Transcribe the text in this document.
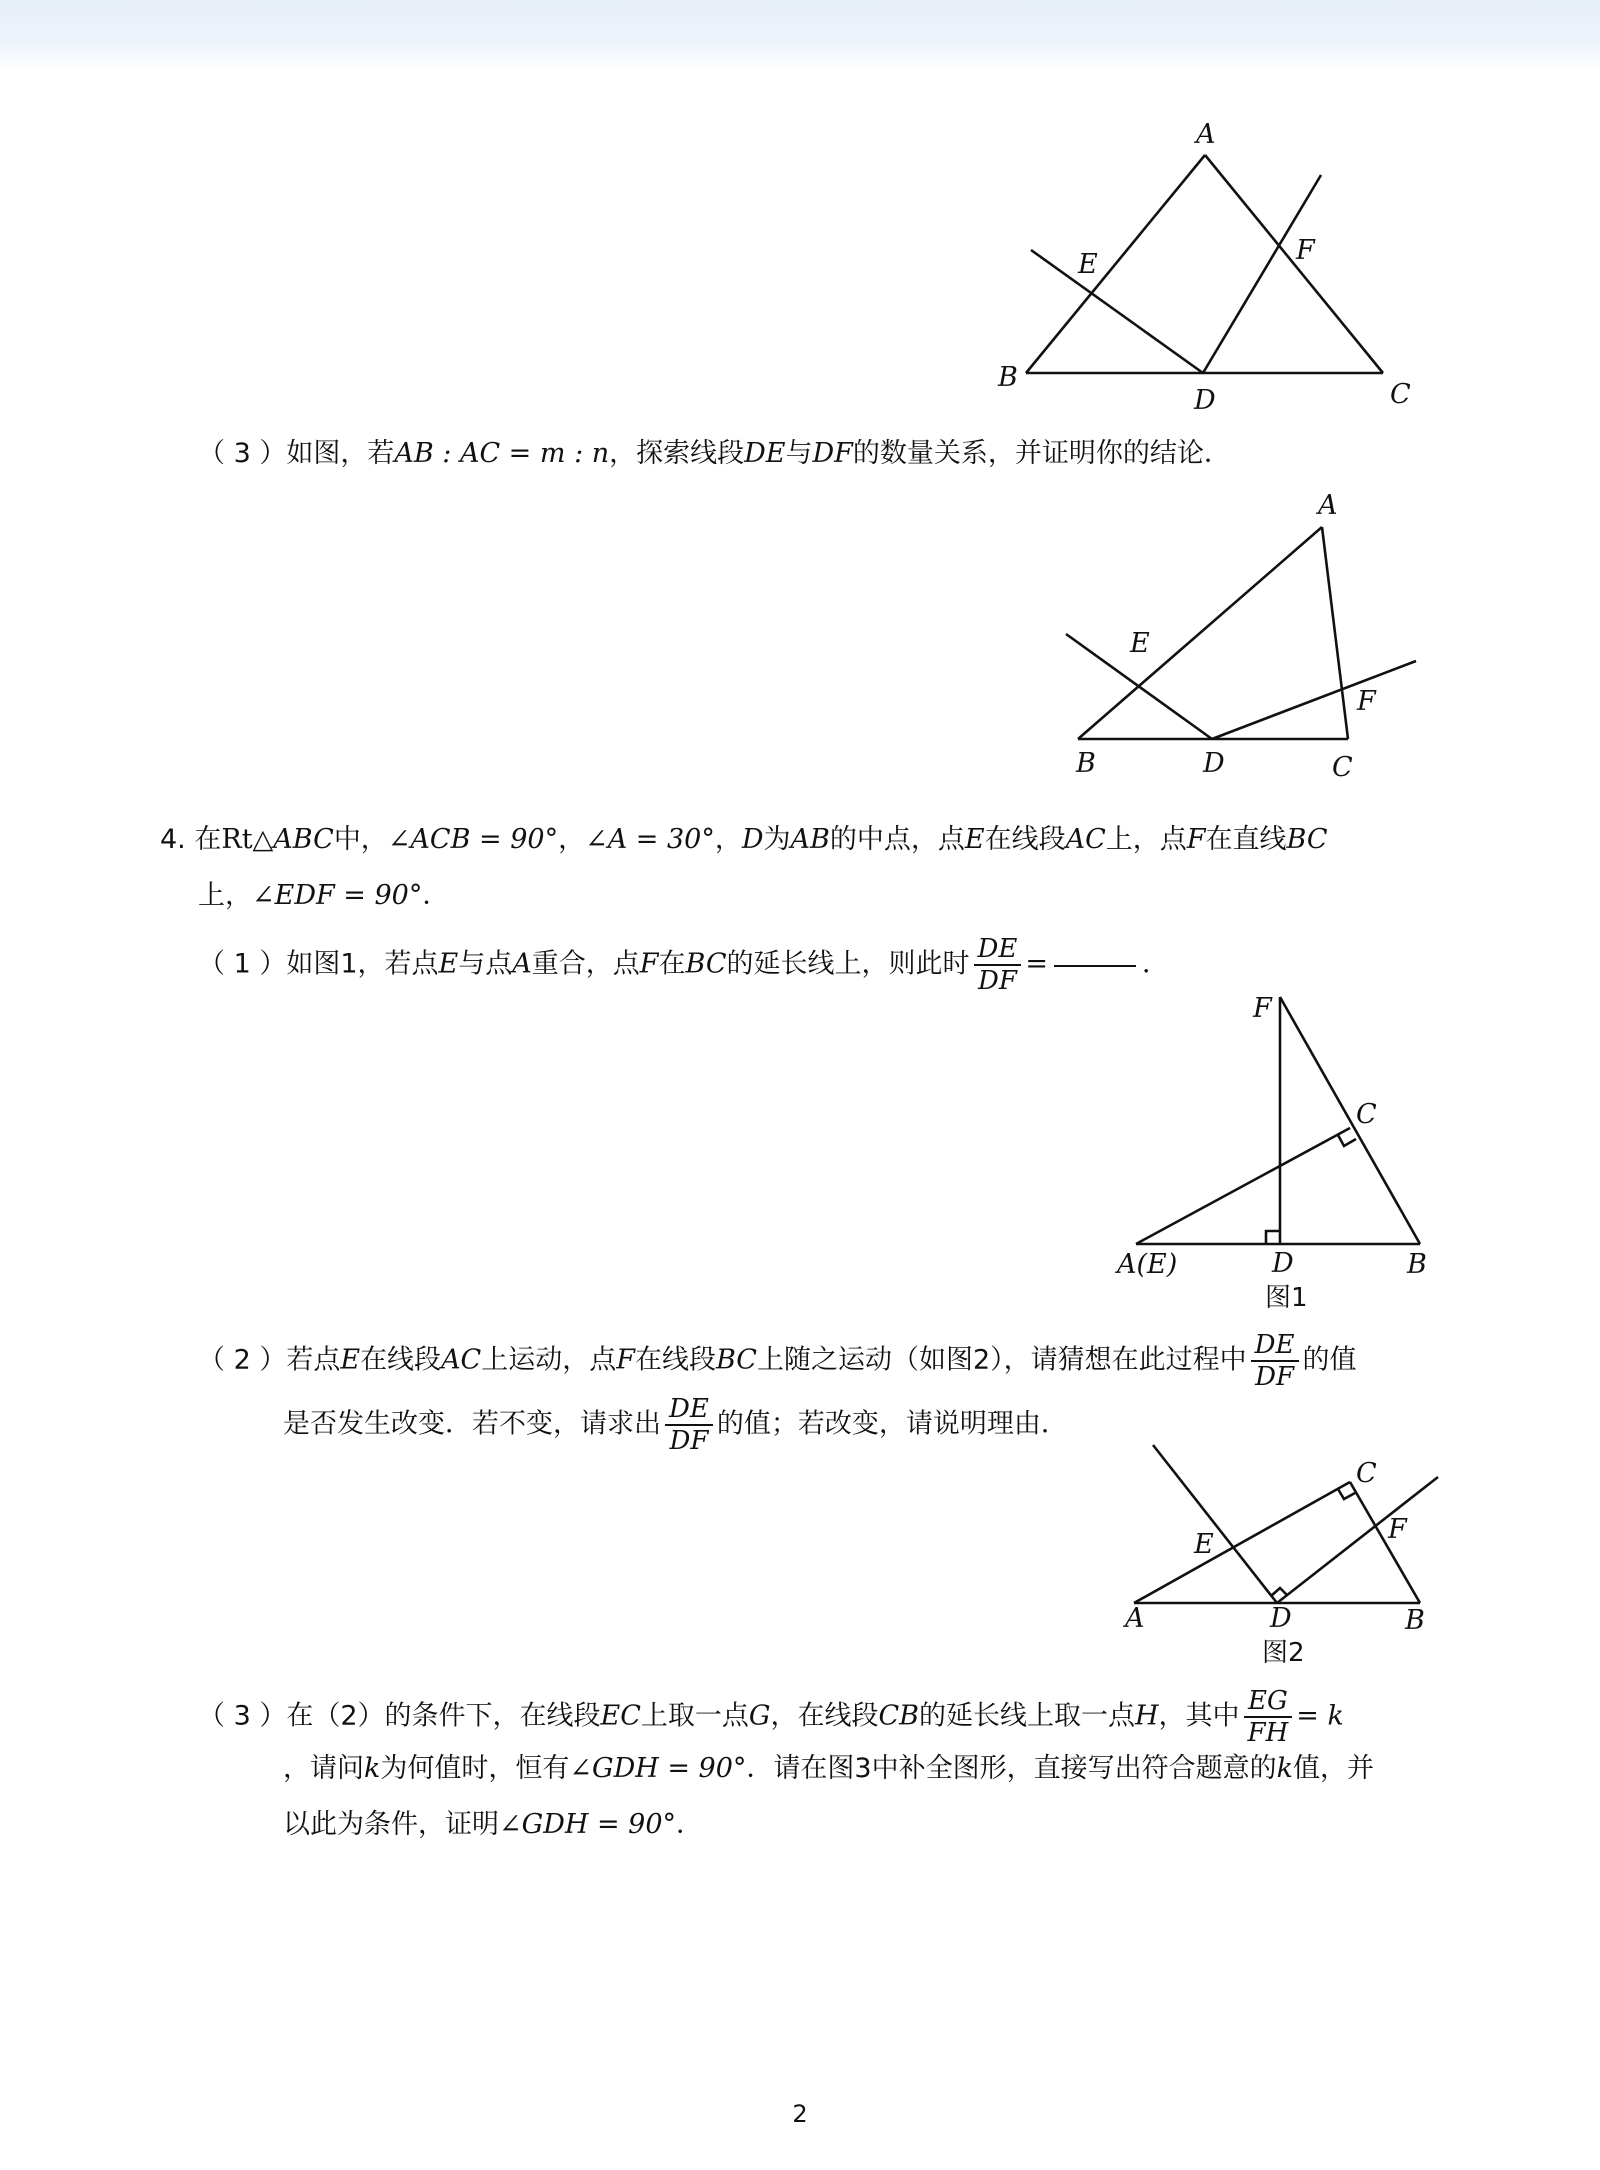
A
E	F
B
D	C
（ 3 ）如图，若AB : AC = m : n，探索线段DE与DF的数量关系，并证明你的结论．
A
E
F
B	D	C
4. 在Rt△ABC中，∠ACB = 90°，∠A = 30°，D为AB的中点，点E在线段AC上，点F在直线BC
上，∠EDF = 90°．
（ 1 ）如图1，若点E与点A重合，点F在BC的延长线上，则此时 $\frac{DE}{DF}$ =	．
F
C
A(E)	D	B
图1
（ 2 ）若点E在线段AC上运动，点F在线段BC上随之运动（如图2），请猜想在此过程中 $\frac{DE}{DF}$ 的值
是否发生改变．若不变，请求出 $\frac{DE}{DF}$ 的值；若改变，请说明理由．
C
E	F
A	D	B
图2
（ 3 ）在（2）的条件下，在线段EC上取一点G，在线段CB的延长线上取一点H，其中 $\frac{EG}{FH} = k$
，请问k为何值时，恒有∠GDH = 90°．请在图3中补全图形，直接写出符合题意的k值，并
以此为条件，证明∠GDH = 90°．
2
